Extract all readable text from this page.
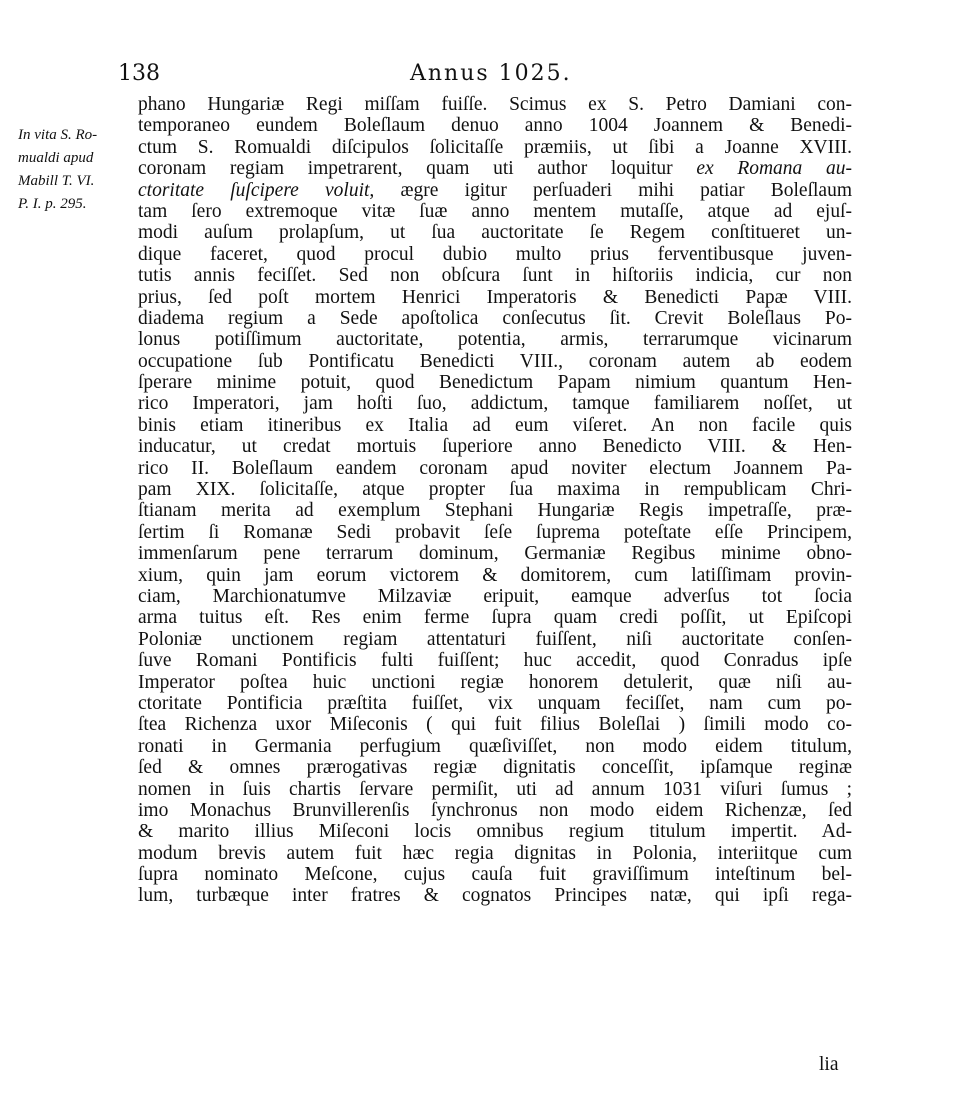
138	Annus 1025.
In vita S. Ro-
mualdi apud
Mabill T. VI.
P. I. p. 295.
phano Hungariæ Regi miſſam fuiſſe. Scimus ex S. Petro Damiani con-
temporaneo eundem Boleſlaum denuo anno 1004 Joannem & Benedi-
ctum S. Romualdi diſcipulos ſolicitaſſe præmiis, ut ſibi a Joanne XVIII.
coronam regiam impetrarent, quam uti author loquitur ex Romana au-
ctoritate ſuſcipere voluit, ægre igitur perſuaderi mihi patiar Boleſlaum
tam ſero extremoque vitæ ſuæ anno mentem mutaſſe, atque ad ejuſ-
modi auſum prolapſum, ut ſua auctoritate ſe Regem conſtitueret un-
dique faceret, quod procul dubio multo prius ferventibusque juven-
tutis annis feciſſet. Sed non obſcura ſunt in hiſtoriis indicia, cur non
prius, ſed poſt mortem Henrici Imperatoris & Benedicti Papæ VIII.
diadema regium a Sede apoſtolica conſecutus ſit. Crevit Boleſlaus Po-
lonus potiſſimum auctoritate, potentia, armis, terrarumque vicinarum
occupatione ſub Pontificatu Benedicti VIII., coronam autem ab eodem
ſperare minime potuit, quod Benedictum Papam nimium quantum Hen-
rico Imperatori, jam hoſti ſuo, addictum, tamque familiarem noſſet, ut
binis etiam itineribus ex Italia ad eum viſeret. An non facile quis
inducatur, ut credat mortuis ſuperiore anno Benedicto VIII. & Hen-
rico II. Boleſlaum eandem coronam apud noviter electum Joannem Pa-
pam XIX. ſolicitaſſe, atque propter ſua maxima in rempublicam Chri-
ſtianam merita ad exemplum Stephani Hungariæ Regis impetraſſe, præ-
ſertim ſi Romanæ Sedi probavit ſeſe ſuprema poteſtate eſſe Principem,
immenſarum pene terrarum dominum, Germaniæ Regibus minime obno-
xium, quin jam eorum victorem & domitorem, cum latiſſimam provin-
ciam, Marchionatumve Milzaviæ eripuit, eamque adverſus tot ſocia
arma tuitus eſt. Res enim ferme ſupra quam credi poſſit, ut Epiſcopi
Poloniæ unctionem regiam attentaturi fuiſſent, niſi auctoritate conſen-
ſuve Romani Pontificis fulti fuiſſent; huc accedit, quod Conradus ipſe
Imperator poſtea huic unctioni regiæ honorem detulerit, quæ niſi au-
ctoritate Pontificia præſtita fuiſſet, vix unquam feciſſet, nam cum po-
ſtea Richenza uxor Miſeconis ( qui fuit filius Boleſlai ) ſimili modo co-
ronati in Germania perfugium quæſiviſſet, non modo eidem titulum,
ſed & omnes prærogativas regiæ dignitatis conceſſit, ipſamque reginæ
nomen in ſuis chartis ſervare permiſit, uti ad annum 1031 viſuri ſumus ;
imo Monachus Brunvillerenſis ſynchronus non modo eidem Richenzæ, ſed
& marito illius Miſeconi locis omnibus regium titulum impertit. Ad-
modum brevis autem fuit hæc regia dignitas in Polonia, interiitque cum
ſupra nominato Meſcone, cujus cauſa fuit graviſſimum inteſtinum bel-
lum, turbæque inter fratres & cognatos Principes natæ, qui ipſi rega-
lia
